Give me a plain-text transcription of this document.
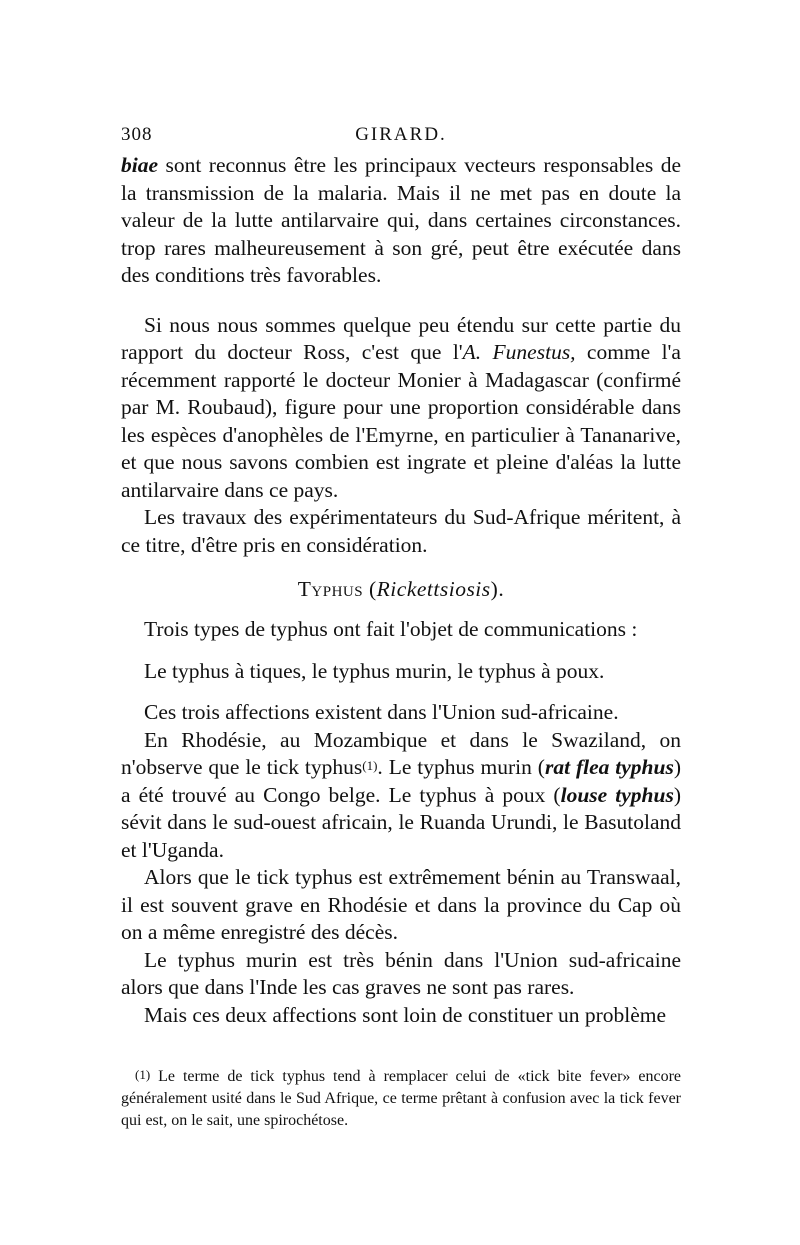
308	GIRARD.

biae sont reconnus être les principaux vecteurs responsables de la transmission de la malaria. Mais il ne met pas en doute la valeur de la lutte antilarvaire qui, dans certaines circonstances. trop rares malheureusement à son gré, peut être exécutée dans des conditions très favorables.

Si nous nous sommes quelque peu étendu sur cette partie du rapport du docteur Ross, c'est que l'A. Funestus, comme l'a récemment rapporté le docteur Monier à Madagascar (confirmé par M. Roubaud), figure pour une proportion considérable dans les espèces d'anophèles de l'Emyrne, en particulier à Tananarive, et que nous savons combien est ingrate et pleine d'aléas la lutte antilarvaire dans ce pays.

Les travaux des expérimentateurs du Sud-Afrique méritent, à ce titre, d'être pris en considération.

Typhus (Rickettsiosis).

Trois types de typhus ont fait l'objet de communications :

Le typhus à tiques, le typhus murin, le typhus à poux.

Ces trois affections existent dans l'Union sud-africaine.

En Rhodésie, au Mozambique et dans le Swaziland, on n'observe que le tick typhus$^{(1)}$. Le typhus murin (rat flea typhus) a été trouvé au Congo belge. Le typhus à poux (louse typhus) sévit dans le sud-ouest africain, le Ruanda Urundi, le Basutoland et l'Uganda.

Alors que le tick typhus est extrêmement bénin au Transwaal, il est souvent grave en Rhodésie et dans la province du Cap où on a même enregistré des décès.

Le typhus murin est très bénin dans l'Union sud-africaine alors que dans l'Inde les cas graves ne sont pas rares.

Mais ces deux affections sont loin de constituer un problème

$^{(1)}$ Le terme de tick typhus tend à remplacer celui de «tick bite fever» encore généralement usité dans le Sud Afrique, ce terme prêtant à confusion avec la tick fever qui est, on le sait, une spirochétose.
